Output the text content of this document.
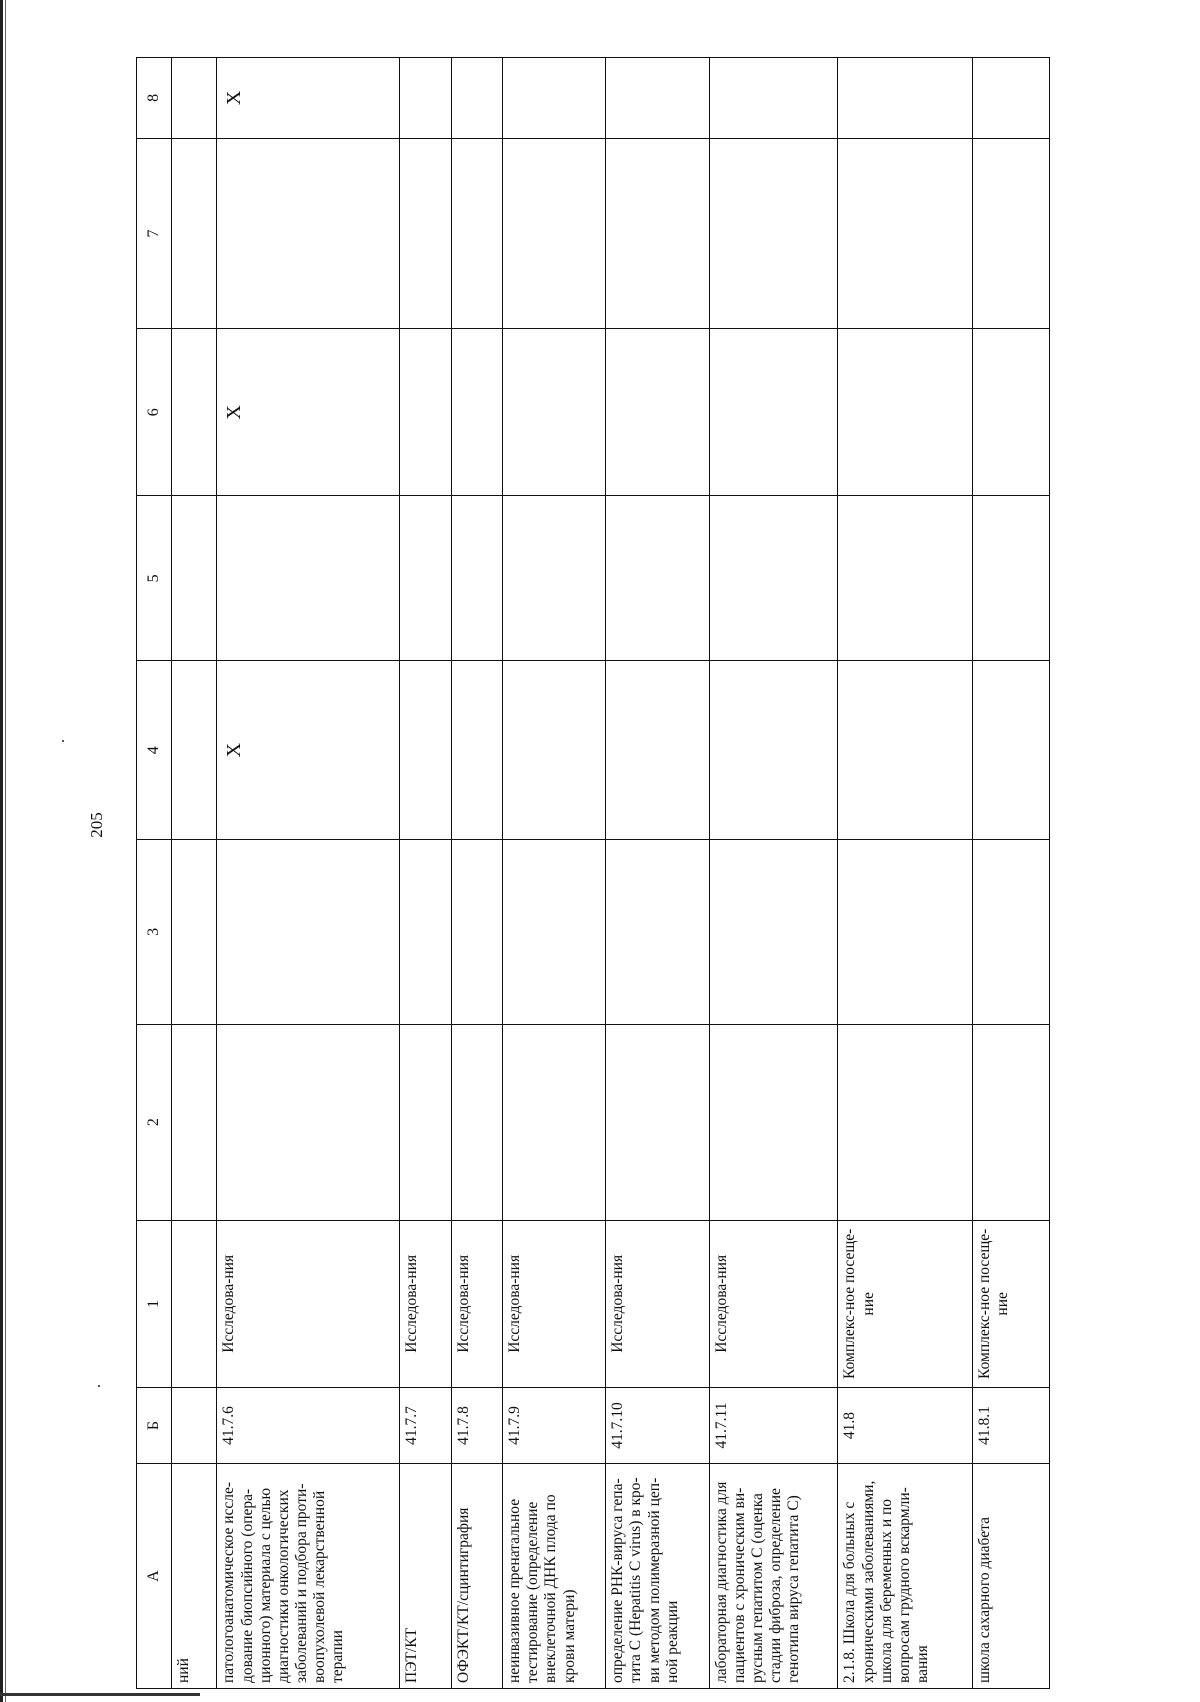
205
А	Б	1	2	3	4	5	6	7	8
ний									
патологоанатомическое иссле-дование биопсийного (опера-ционного) материала с целью диагностики онкологических заболеваний и подбора проти-воопухолевой лекарственной терапии	41.7.6	Исследова-ния			Х		Х		Х
ПЭТ/КТ	41.7.7	Исследова-ния							
ОФЭКТ/КТ/сцинтиграфия	41.7.8	Исследова-ния							
неинвазивное пренатальное тестирование (определение внеклеточной ДНК плода по крови матери)	41.7.9	Исследова-ния							
определение РНК-вируса гепа-тита С (Hepatitis C virus) в кро-ви методом полимеразной цеп-ной реакции	41.7.10	Исследова-ния							
лабораторная диагностика для пациентов с хроническим ви-русным гепатитом С (оценка стадии фиброза, определение генотипа вируса гепатита С)	41.7.11	Исследова-ния							
2.1.8. Школа для больных с хроническими заболеваниями, школа для беременных и по вопросам грудного вскармли-вания	41.8	Комплекс-ное посеще-ние							
школа сахарного диабета	41.8.1	Комплекс-ное посеще-ние							
